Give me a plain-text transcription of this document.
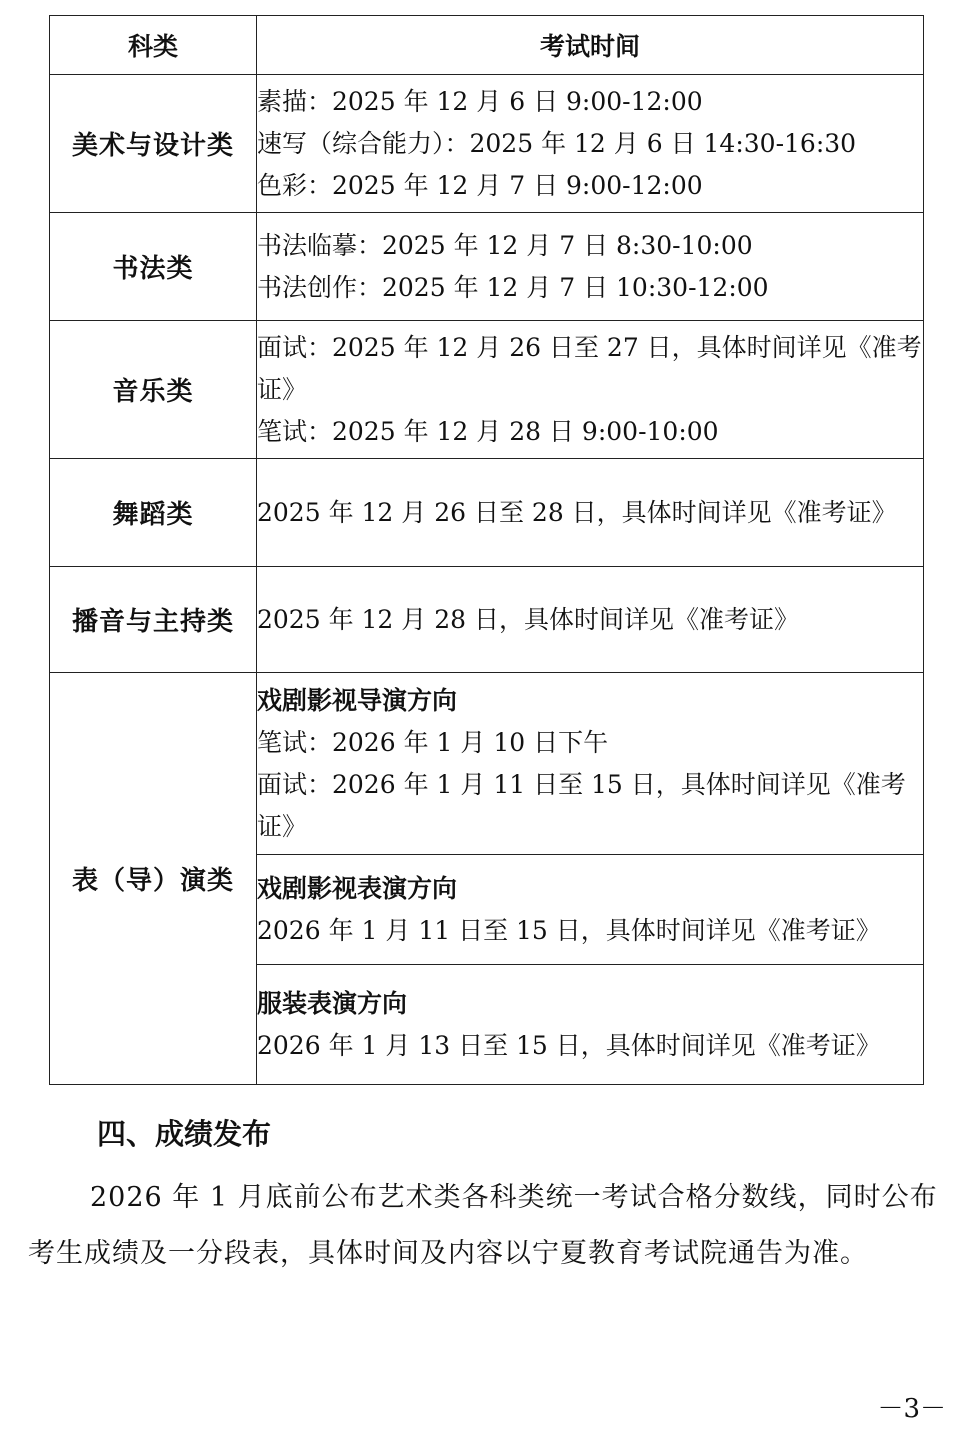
科类	考试时间
美术与设计类	素描：2025 年 12 月 6 日 9:00-12:00
速写（综合能力）：2025 年 12 月 6 日 14:30-16:30
色彩：2025 年 12 月 7 日 9:00-12:00

书法类	书法临摹：2025 年 12 月 7 日 8:30-10:00
书法创作：2025 年 12 月 7 日 10:30-12:00

音乐类	面试：2025 年 12 月 26 日至 27 日，具体时间详见《准考证》
笔试：2025 年 12 月 28 日 9:00-10:00

舞蹈类	2025 年 12 月 26 日至 28 日，具体时间详见《准考证》

播音与主持类	2025 年 12 月 28 日，具体时间详见《准考证》

表（导）演类	戏剧影视导演方向
笔试：2026 年 1 月 10 日下午
面试：2026 年 1 月 11 日至 15 日，具体时间详见《准考证》

	戏剧影视表演方向
2026 年 1 月 11 日至 15 日，具体时间详见《准考证》

	服装表演方向
2026 年 1 月 13 日至 15 日，具体时间详见《准考证》
四、成绩发布
2026 年 1 月底前公布艺术类各科类统一考试合格分数线，同时公布考生成绩及一分段表，具体时间及内容以宁夏教育考试院通告为准。
－3－
